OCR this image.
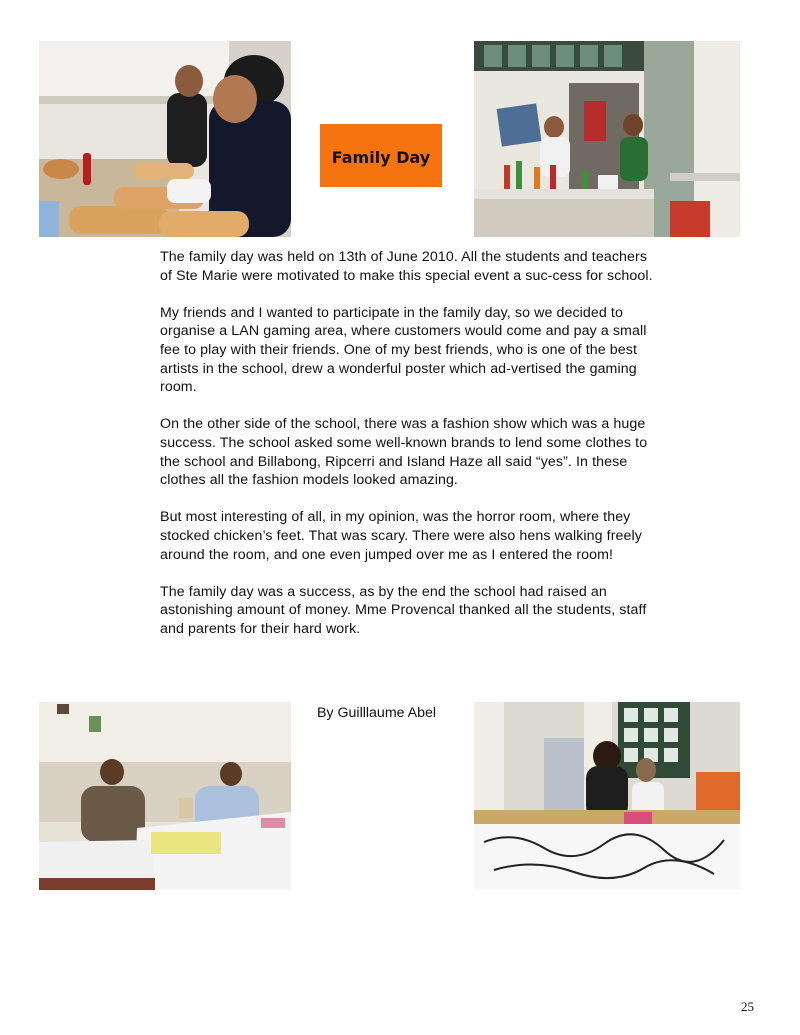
Family Day

The family day was held on 13th of June 2010. All the students and teachers of Ste Marie were motivated to make this special event a suc-cess for school.

My friends and I wanted to participate in the family day, so we decided to organise a LAN gaming area, where customers would come and pay a small fee to play with their friends. One of my best friends, who is one of the best artists in the school, drew a wonderful poster which ad-vertised the gaming room.

On the other side of the school, there was a fashion show which was a huge success. The school asked some well-known brands to lend some clothes to the school and Billabong, Ripcerri and Island Haze all said “yes”. In these clothes all the fashion models looked amazing.

But most interesting of all, in my opinion, was the horror room, where they stocked chicken’s feet. That was scary. There were also hens walking freely around the room, and one even jumped over me as I entered the room!

The family day was a success, as by the end the school had raised an astonishing amount of money. Mme Provencal thanked all the students, staff and parents for their hard work.

By Guilllaume Abel
25
